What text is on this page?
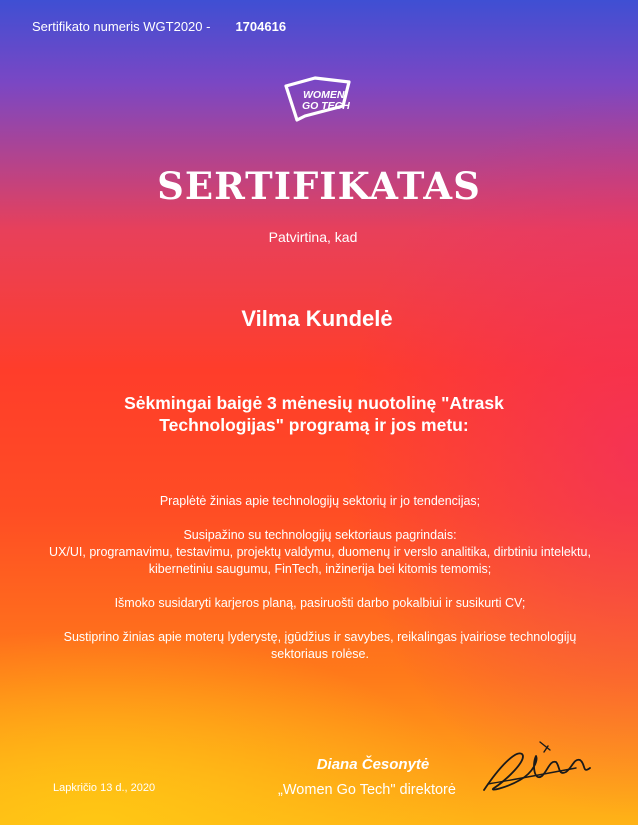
Sertifikato numeris WGT2020 - 1704616
WOMEN
GO TECH
SERTIFIKATAS
Patvirtina, kad
Vilma Kundelė
Sėkmingai baigė 3 mėnesių nuotolinę "Atrask Technologijas" programą ir jos metu:

Praplėtė žinias apie technologijų sektorių ir jo tendencijas;

Susipažino su technologijų sektoriaus pagrindais:

UX/UI, programavimu, testavimu, projektų valdymu, duomenų ir verslo analitika, dirbtiniu intelektu, kibernetiniu saugumu, FinTech, inžinerija bei kitomis temomis;

Išmoko susidaryti karjeros planą, pasiruošti darbo pokalbiui ir susikurti CV;

Sustiprino žinias apie moterų lyderystę, įgūdžius ir savybes, reikalingas įvairiose technologijų sektoriaus rolėse.

Lapkričio 13 d., 2020
Diana Česonytė
„Women Go Tech" direktorė
